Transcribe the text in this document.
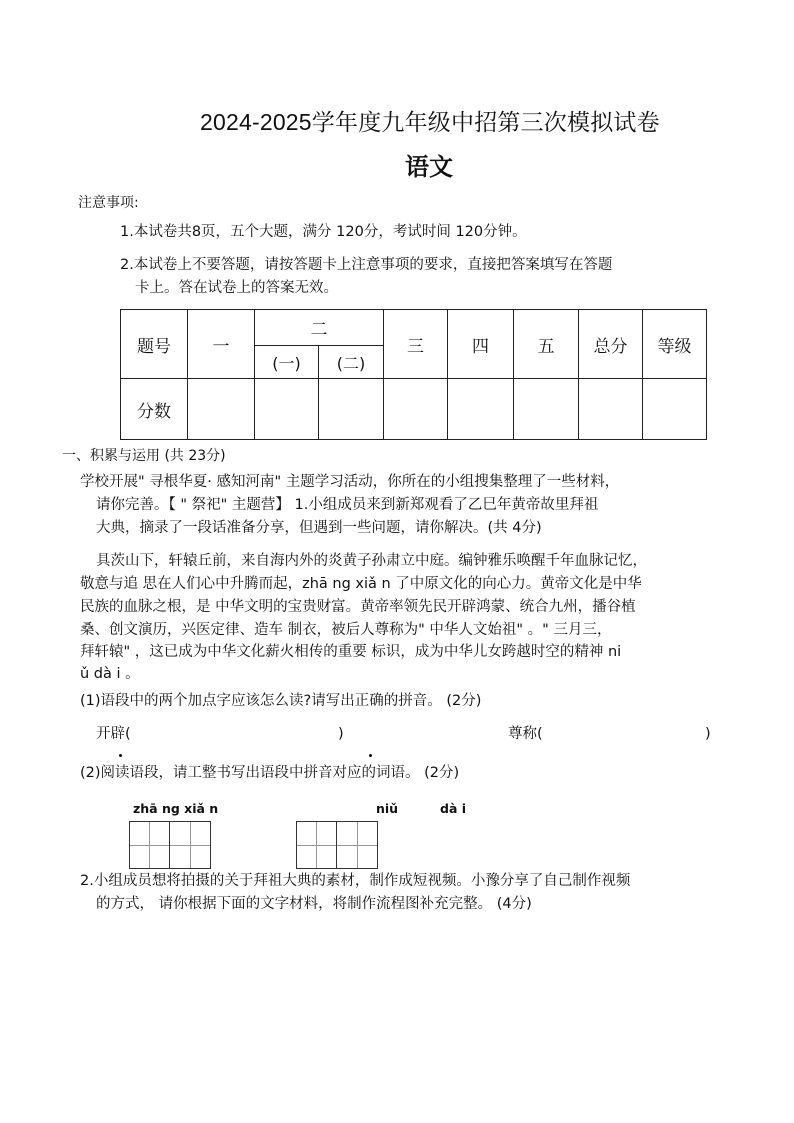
2024-2025学年度九年级中招第三次模拟试卷
语文
注意事项:
1.本试卷共8页，五个大题，满分 120分，考试时间 120分钟。
2.本试卷上不要答题，请按答题卡上注意事项的要求，直接把答案填写在答题
卡上。答在试卷上的答案无效。
题号	一	二		三	四	五	总分	等级
		(一)	(二)					
分数								
一、积累与运用 (共 23分)
学校开展" 寻根华夏· 感知河南" 主题学习活动，你所在的小组搜集整理了一些材料，
请你完善。【 " 祭祀" 主题营】 1.小组成员来到新郑观看了乙巳年黄帝故里拜祖
大典，摘录了一段话准备分享，但遇到一些问题，请你解决。(共 4分)
具茨山下，轩辕丘前，来自海内外的炎黄子孙肃立中庭。编钟雅乐唤醒千年血脉记忆，
敬意与追 思在人们心中升腾而起，zhā ng xiǎ n 了中原文化的向心力。黄帝文化是中华
民族的血脉之根，是 中华文明的宝贵财富。黄帝率领先民开辟鸿蒙、统合九州，播谷植
桑、创文演历，兴医定律、造车 制衣，被后人尊称为" 中华人文始祖" 。" 三月三，
拜轩辕" ，这已成为中华文化薪火相传的重要 标识，成为中华儿女跨越时空的精神 ni
ǔ dà i 。
(1)语段中的两个加点字应该怎么读?请写出正确的拼音。 (2分)
开辟(	)	尊称(	)
(2)阅读语段，请工整书写出语段中拼音对应的词语。 (2分)
zhā ng xiǎ n	niǔ	dà i
2.小组成员想将拍摄的关于拜祖大典的素材，制作成短视频。小豫分享了自己制作视频
的方式， 请你根据下面的文字材料，将制作流程图补充完整。 (4分)
